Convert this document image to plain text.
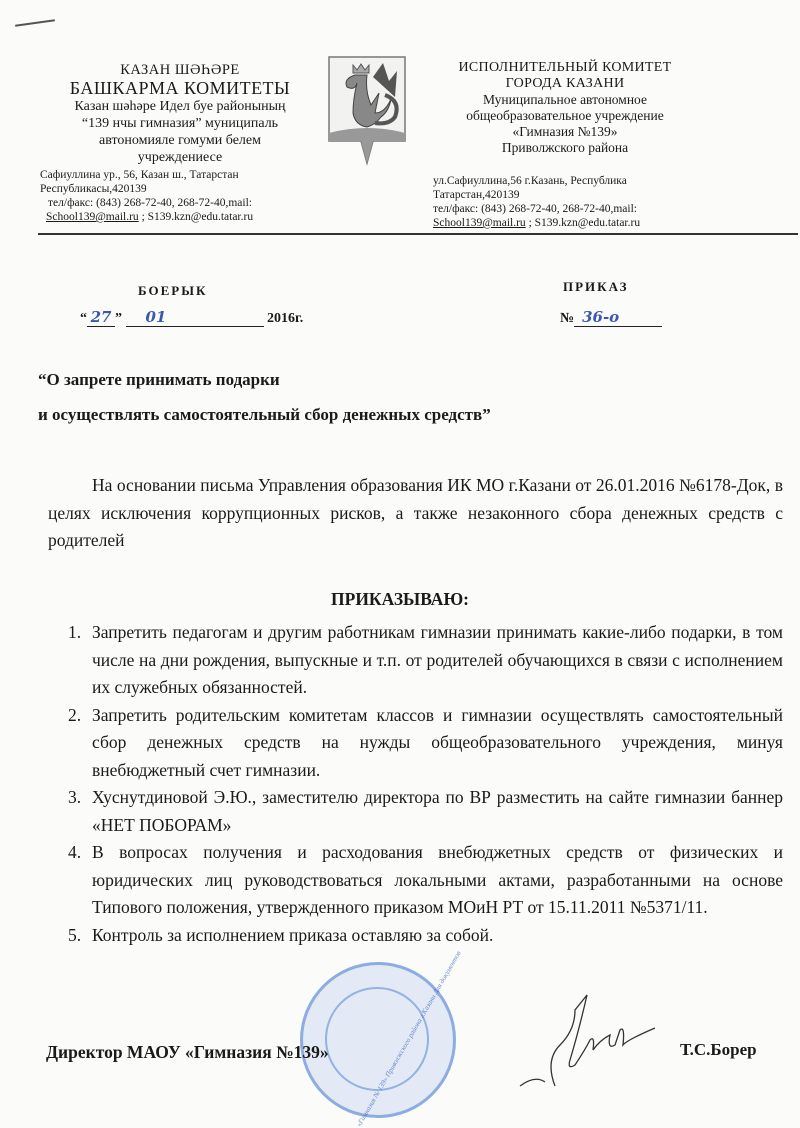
КАЗАН ШӘҺӘРЕ
БАШКАРМА КОМИТЕТЫ
Казан шәһәре Идел буе районының
“139 нчы гимназия” муниципаль
автономияле гомуми белем
учреждениесе
Сафиуллина ур., 56, Казан ш., Татарстан
Республикасы,420139
тел/факс: (843) 268-72-40, 268-72-40,mail:
School139@mail.ru ; S139.kzn@edu.tatar.ru
ИСПОЛНИТЕЛЬНЫЙ КОМИТЕТ
ГОРОДА КАЗАНИ
Муниципальное автономное
общеобразовательное учреждение
«Гимназия №139»
Приволжского района
ул.Сафиуллина,56 г.Казань, Республика
Татарстан,420139
тел/факс: (843) 268-72-40, 268-72-40,mail:
School139@mail.ru ; S139.kzn@edu.tatar.ru
БОЕРЫК	ПРИКАЗ
“ 27 ” 01	2016г.	№ 36-о
“О запрете принимать подарки
и осуществлять самостоятельный сбор денежных средств”
На основании письма Управления образования ИК МО г.Казани от 26.01.2016 №6178-Док, в целях исключения коррупционных рисков, а также незаконного сбора денежных средств с родителей
ПРИКАЗЫВАЮ:
1. Запретить педагогам и другим работникам гимназии принимать какие-либо подарки, в том числе на дни рождения, выпускные и т.п. от родителей обучающихся в связи с исполнением их служебных обязанностей.
2. Запретить родительским комитетам классов и гимназии осуществлять самостоятельный сбор денежных средств на нужды общеобразовательного учреждения, минуя внебюджетный счет гимназии.
3. Хуснутдиновой Э.Ю., заместителю директора по ВР разместить на сайте гимназии баннер «НЕТ ПОБОРАМ»
4. В вопросах получения и расходования внебюджетных средств от физических и юридических лиц руководствоваться локальными актами, разработанными на основе Типового положения, утвержденного приказом МОиН РТ от 15.11.2011 №5371/11.
5. Контроль за исполнением приказа оставляю за собой.
«Гимназия № 139» Приволжского района г.Казани Для документов
Директор МАОУ «Гимназия №139»	Т.С.Борер
